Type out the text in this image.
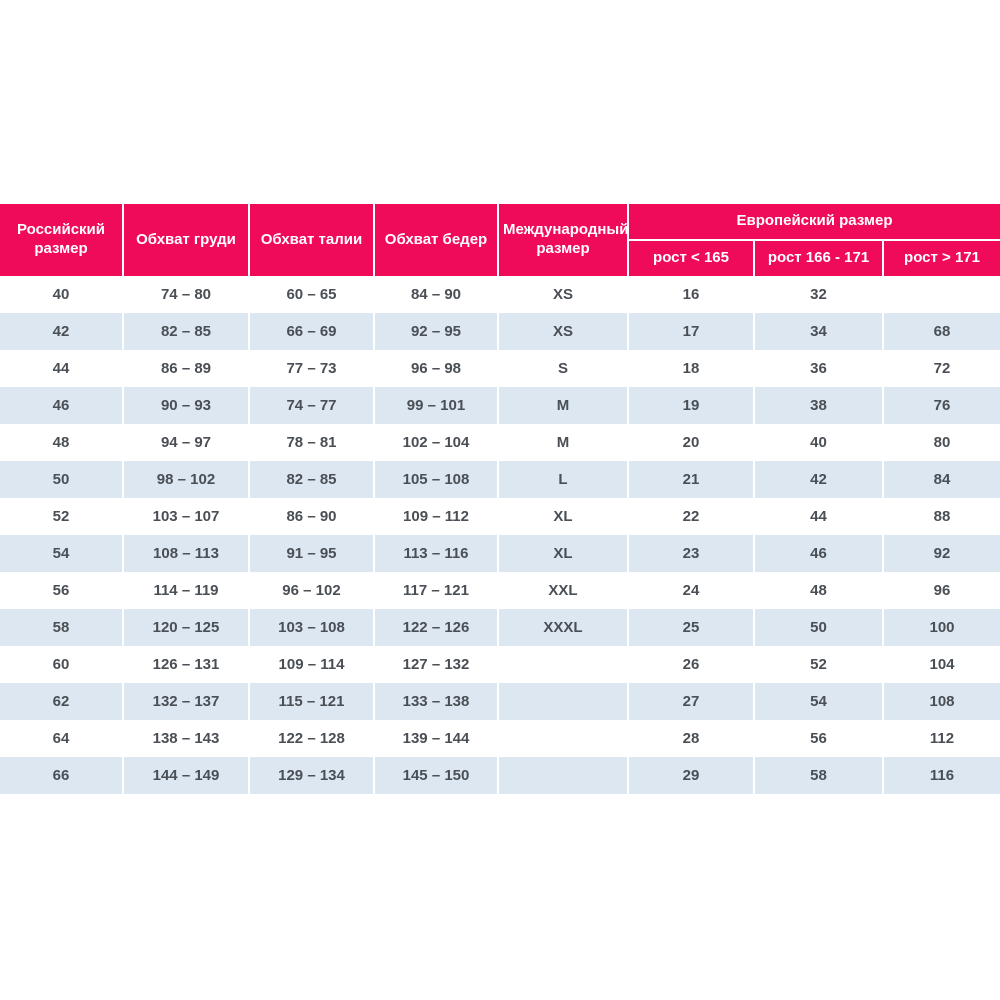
Российский размер	Обхват груди	Обхват талии	Обхват бедер	Международный размер	Европейский размер		
					рост < 165	рост 166 - 171	рост > 171
40	74 – 80	60 – 65	84 – 90	XS	16	32	
42	82 – 85	66 – 69	92 – 95	XS	17	34	68
44	86 – 89	77 – 73	96 – 98	S	18	36	72
46	90 – 93	74 – 77	99 – 101	M	19	38	76
48	94 – 97	78 – 81	102 – 104	M	20	40	80
50	98 – 102	82 – 85	105 – 108	L	21	42	84
52	103 – 107	86 – 90	109 – 112	XL	22	44	88
54	108 – 113	91 – 95	113 – 116	XL	23	46	92
56	114 – 119	96 – 102	117 – 121	XXL	24	48	96
58	120 – 125	103 – 108	122 – 126	XXXL	25	50	100
60	126 – 131	109 – 114	127 – 132		26	52	104
62	132 – 137	115 – 121	133 – 138		27	54	108
64	138 – 143	122 – 128	139 – 144		28	56	112
66	144 – 149	129 – 134	145 – 150		29	58	116
